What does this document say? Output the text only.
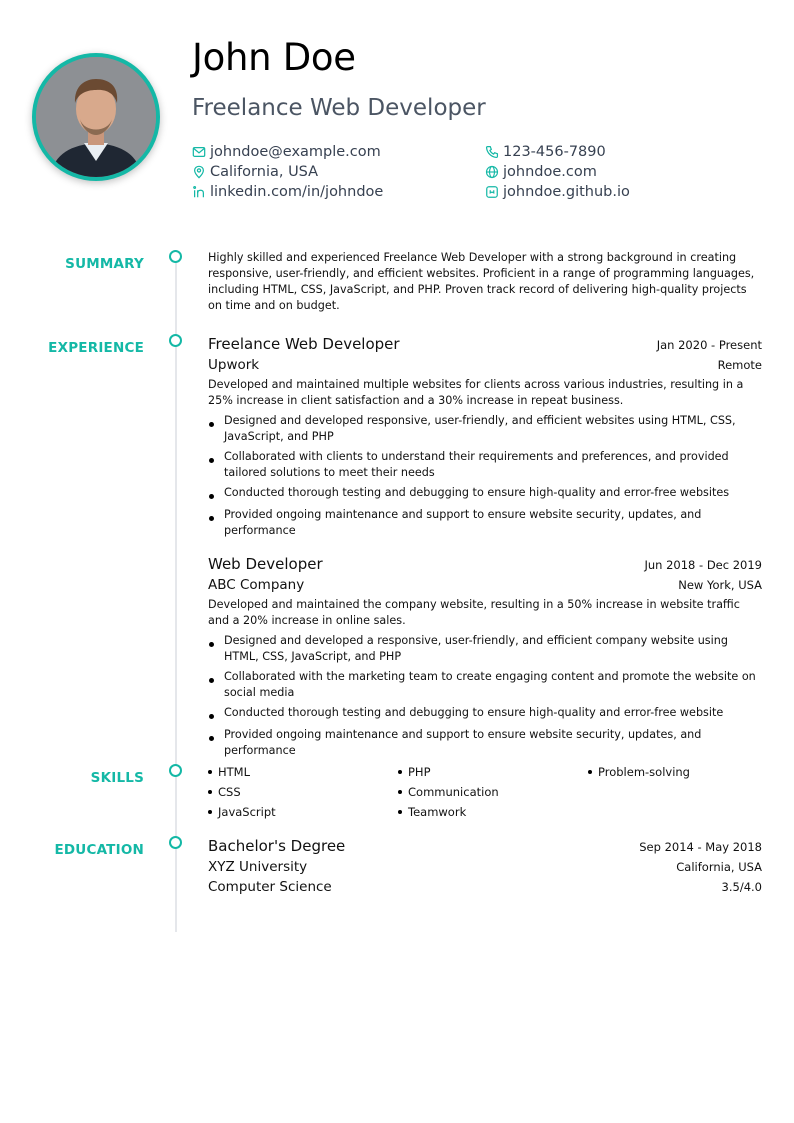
John Doe
Freelance Web Developer
johndoe@example.com	123-456-7890
California, USA	johndoe.com
linkedin.com/in/johndoe	johndoe.github.io
SUMMARY	Highly skilled and experienced Freelance Web Developer with a strong background in creating responsive, user-friendly, and efficient websites. Proficient in a range of programming languages, including HTML, CSS, JavaScript, and PHP. Proven track record of delivering high-quality projects on time and on budget.

EXPERIENCE	Freelance Web Developer	Jan 2020 - Present
Upwork	Remote

Developed and maintained multiple websites for clients across various industries, resulting in a 25% increase in client satisfaction and a 30% increase in repeat business.

Designed and developed responsive, user-friendly, and efficient websites using HTML, CSS, JavaScript, and PHP
Collaborated with clients to understand their requirements and preferences, and provided tailored solutions to meet their needs
Conducted thorough testing and debugging to ensure high-quality and error-free websites
Provided ongoing maintenance and support to ensure website security, updates, and performance
Web Developer	Jun 2018 - Dec 2019
ABC Company	New York, USA

Developed and maintained the company website, resulting in a 50% increase in website traffic and a 20% increase in online sales.

Designed and developed a responsive, user-friendly, and efficient company website using HTML, CSS, JavaScript, and PHP
Collaborated with the marketing team to create engaging content and promote the website on social media
Conducted thorough testing and debugging to ensure high-quality and error-free website
Provided ongoing maintenance and support to ensure website security, updates, and performance
SKILLS	HTML	PHP	Problem-solving
CSS	Communication
JavaScript	Teamwork
EDUCATION	Bachelor's Degree	Sep 2014 - May 2018
XYZ University	California, USA
Computer Science	3.5/4.0
